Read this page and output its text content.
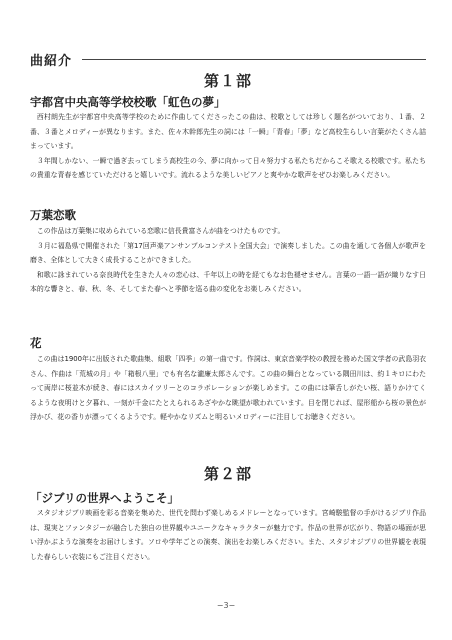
曲紹介
第１部
宇都宮中央高等学校校歌「虹色の夢」

西村朗先生が宇都宮中央高等学校のために作曲してくださったこの曲は、校歌としては珍しく題名がついており、１番、２番、３番とメロディーが異なります。また、佐々木幹郎先生の詞には「一瞬」「青春」「夢」など高校生らしい言葉がたくさん詰まっています。

３年間しかない、一瞬で過ぎ去ってしまう高校生の今、夢に向かって日々努力する私たちだからこそ歌える校歌です。私たちの貴重な青春を感じていただけると嬉しいです。流れるような美しいピアノと爽やかな歌声をぜひお楽しみください。

万葉恋歌

この作品は万葉集に収められている恋歌に信長貴富さんが曲をつけたものです。

３月に福島県で開催された「第17回声楽アンサンブルコンテスト全国大会」で演奏しました。この曲を通して各個人が歌声を磨き、全体として大きく成長することができました。

和歌に詠まれている奈良時代を生きた人々の恋心は、千年以上の時を経てもなお色褪せません。言葉の一語一語が織りなす日本的な響きと、春、秋、冬、そしてまた春へと季節を巡る曲の変化をお楽しみください。

花

この曲は1900年に出版された歌曲集、組歌「四季」の第一曲です。作詞は、東京音楽学校の教授を務めた国文学者の武島羽衣さん、作曲は「荒城の月」や「箱根八里」でも有名な瀧廉太郎さんです。この曲の舞台となっている隅田川は、約１キロにわたって両岸に桜並木が続き、春にはスカイツリーとのコラボレーションが楽しめます。この曲には筆舌しがたい桜、語りかけてくるような夜明けと夕暮れ、一刻が千金にたとえられるあざやかな眺望が歌われています。目を閉じれば、屋形船から桜の景色が浮かび、花の香りが漂ってくるようです。軽やかなリズムと明るいメロディーに注目してお聴きください。

第２部
「ジブリの世界へようこそ」

スタジオジブリ映画を彩る音楽を集めた、世代を問わず楽しめるメドレーとなっています。宮崎駿監督の手がけるジブリ作品は、現実とファンタジーが融合した独自の世界観やユニークなキャラクターが魅力です。作品の世界が広がり、物語の場面が思い浮かぶような演奏をお届けします。ソロや学年ごとの演奏、演出をお楽しみください。また、スタジオジブリの世界観を表現した春らしい衣装にもご注目ください。

−3−
